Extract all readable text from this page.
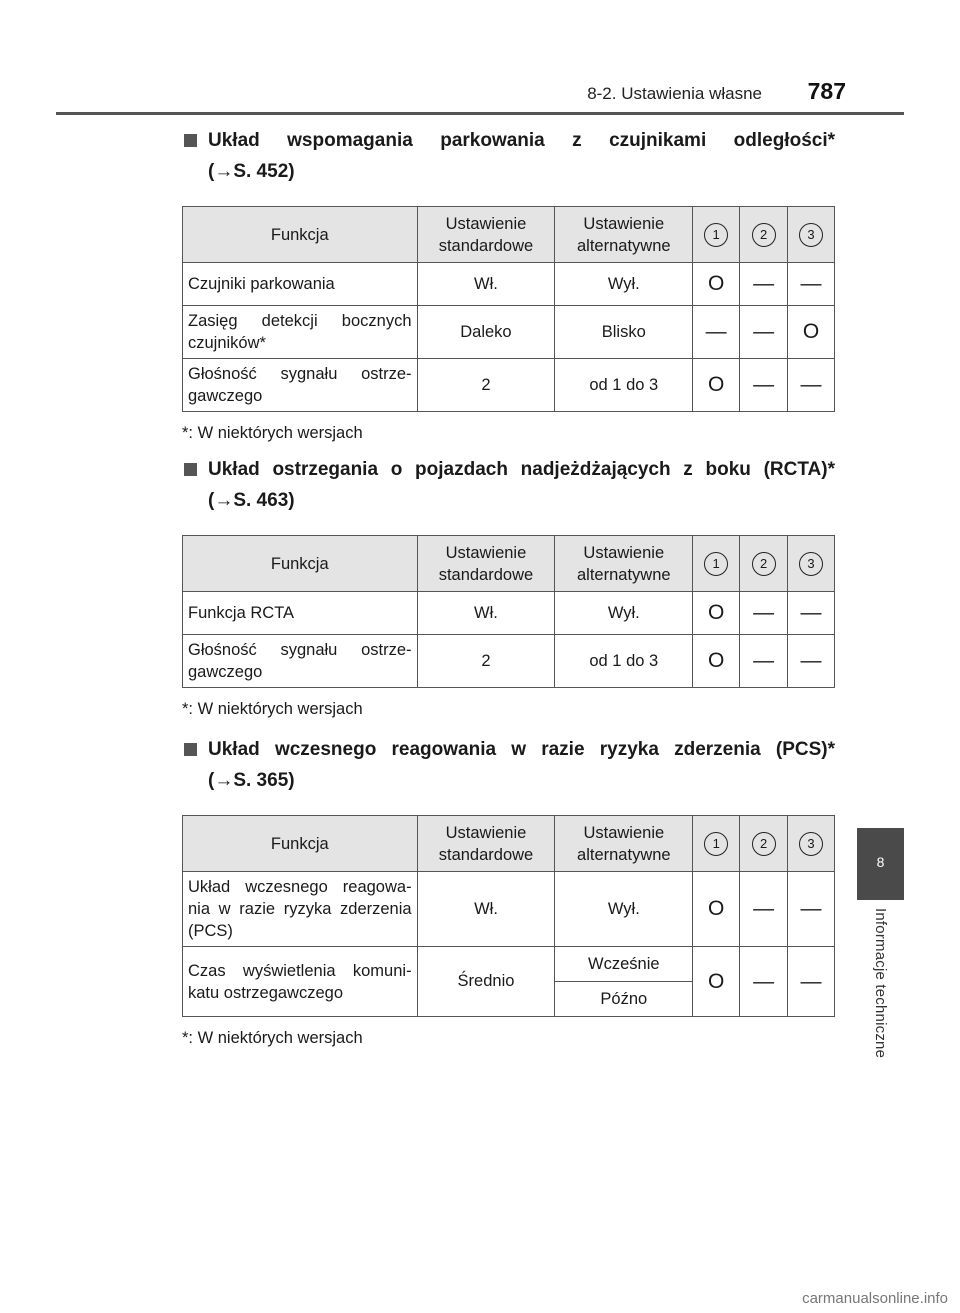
8-2. Ustawienia własne 787
8
Informacje techniczne
Układ wspomagania parkowania z czujnikami odległości*
(→S. 452)
Funkcja	Ustawienie standardowe	Ustawienie alternatywne	1	2	3
Czujniki parkowania	Wł.	Wył.	O	—	—
Zasięg detekcji bocznych czujników*	Daleko	Blisko	—	—	O
Głośność sygnału ostrze-gawczego	2	od 1 do 3	O	—	—
*: W niektórych wersjach
Układ ostrzegania o pojazdach nadjeżdżających z boku (RCTA)*
(→S. 463)
Funkcja	Ustawienie standardowe	Ustawienie alternatywne	1	2	3
Funkcja RCTA	Wł.	Wył.	O	—	—
Głośność sygnału ostrze-gawczego	2	od 1 do 3	O	—	—
*: W niektórych wersjach
Układ wczesnego reagowania w razie ryzyka zderzenia (PCS)*
(→S. 365)
Funkcja	Ustawienie standardowe	Ustawienie alternatywne	1	2	3
Układ wczesnego reagowa-nia w razie ryzyka zderzenia (PCS)	Wł.	Wył.	O	—	—
Czas wyświetlenia komuni-katu ostrzegawczego	Średnio	Wcześnie	O	—	—
		Późno			
*: W niektórych wersjach
carmanualsonline.info
